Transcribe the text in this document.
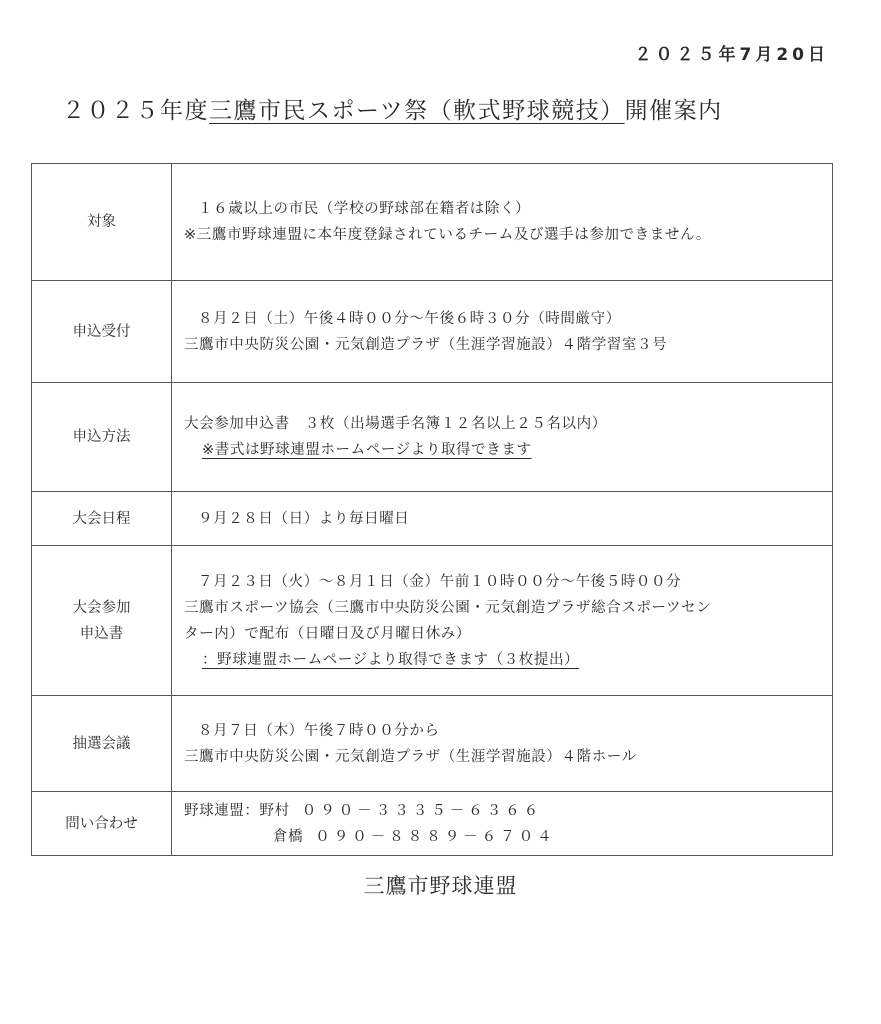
２０２５年7月20日
２０２５年度三鷹市民スポーツ祭（軟式野球競技）開催案内
対象	１６歳以上の市民（学校の野球部在籍者は除く）
※三鷹市野球連盟に本年度登録されているチーム及び選手は参加できません。

申込受付	８月２日（土）午後４時００分～午後６時３０分（時間厳守）
三鷹市中央防災公園・元気創造プラザ（生涯学習施設）４階学習室３号

申込方法	大会参加申込書　３枚（出場選手名簿１２名以上２５名以内）
※書式は野球連盟ホームページより取得できます

大会日程	９月２８日（日）より毎日曜日

大会参加
申込書	７月２３日（火）～８月１日（金）午前１０時００分～午後５時００分
三鷹市スポーツ協会（三鷹市中央防災公園・元気創造プラザ総合スポーツセン
ター内）で配布（日曜日及び月曜日休み）
：野球連盟ホームページより取得できます（３枚提出）

抽選会議	８月７日（木）午後７時００分から
三鷹市中央防災公園・元気創造プラザ（生涯学習施設）４階ホール

問い合わせ	野球連盟：野村 ０９０－３３３５－６３６６
倉橋 ０９０－８８８９－６７０４
三鷹市野球連盟
